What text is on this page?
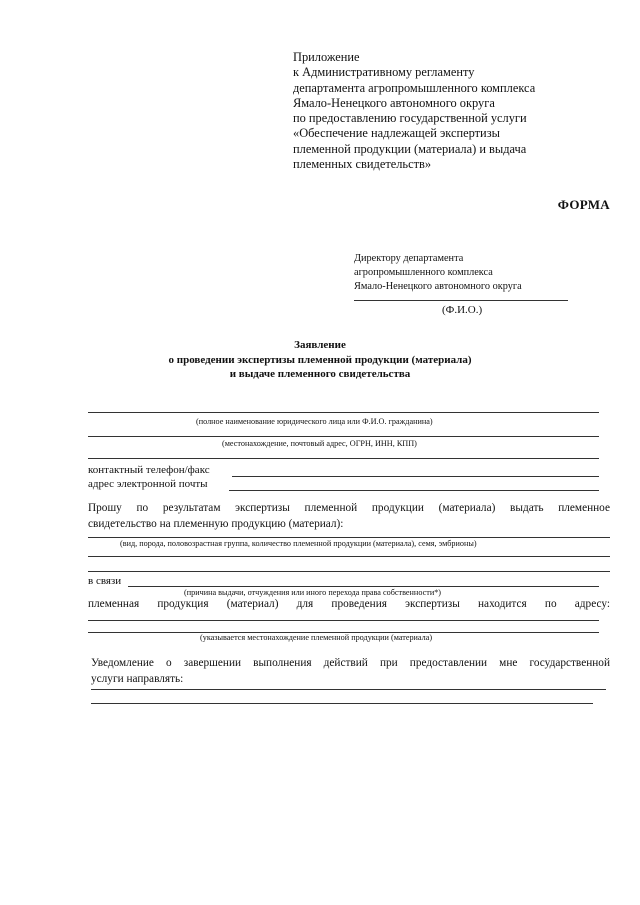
Приложение
к Административному регламенту
департамента агропромышленного комплекса
Ямало-Ненецкого автономного округа
по предоставлению государственной услуги
«Обеспечение надлежащей экспертизы
племенной продукции (материала) и выдача
племенных свидетельств»
ФОРМА
Директору департамента
агропромышленного комплекса
Ямало-Ненецкого автономного округа
(Ф.И.О.)
Заявление
о проведении экспертизы племенной продукции (материала)
и выдаче племенного свидетельства
(полное наименование юридического лица или Ф.И.О. гражданина)
(местонахождение, почтовый адрес, ОГРН, ИНН, КПП)
контактный телефон/факс
адрес электронной почты
Прошу по результатам экспертизы племенной продукции (материала) выдать племенное
свидетельство на племенную продукцию (материал):
(вид, порода, половозрастная группа, количество племенной продукции (материала), семя, эмбрионы)
в связи
(причина выдачи, отчуждения или иного перехода права собственности*)
племенная продукция (материал) для проведения экспертизы находится по адресу:
(указывается местонахождение племенной продукции (материала)
Уведомление о завершении выполнения действий при предоставлении мне государственной
услуги направлять:
